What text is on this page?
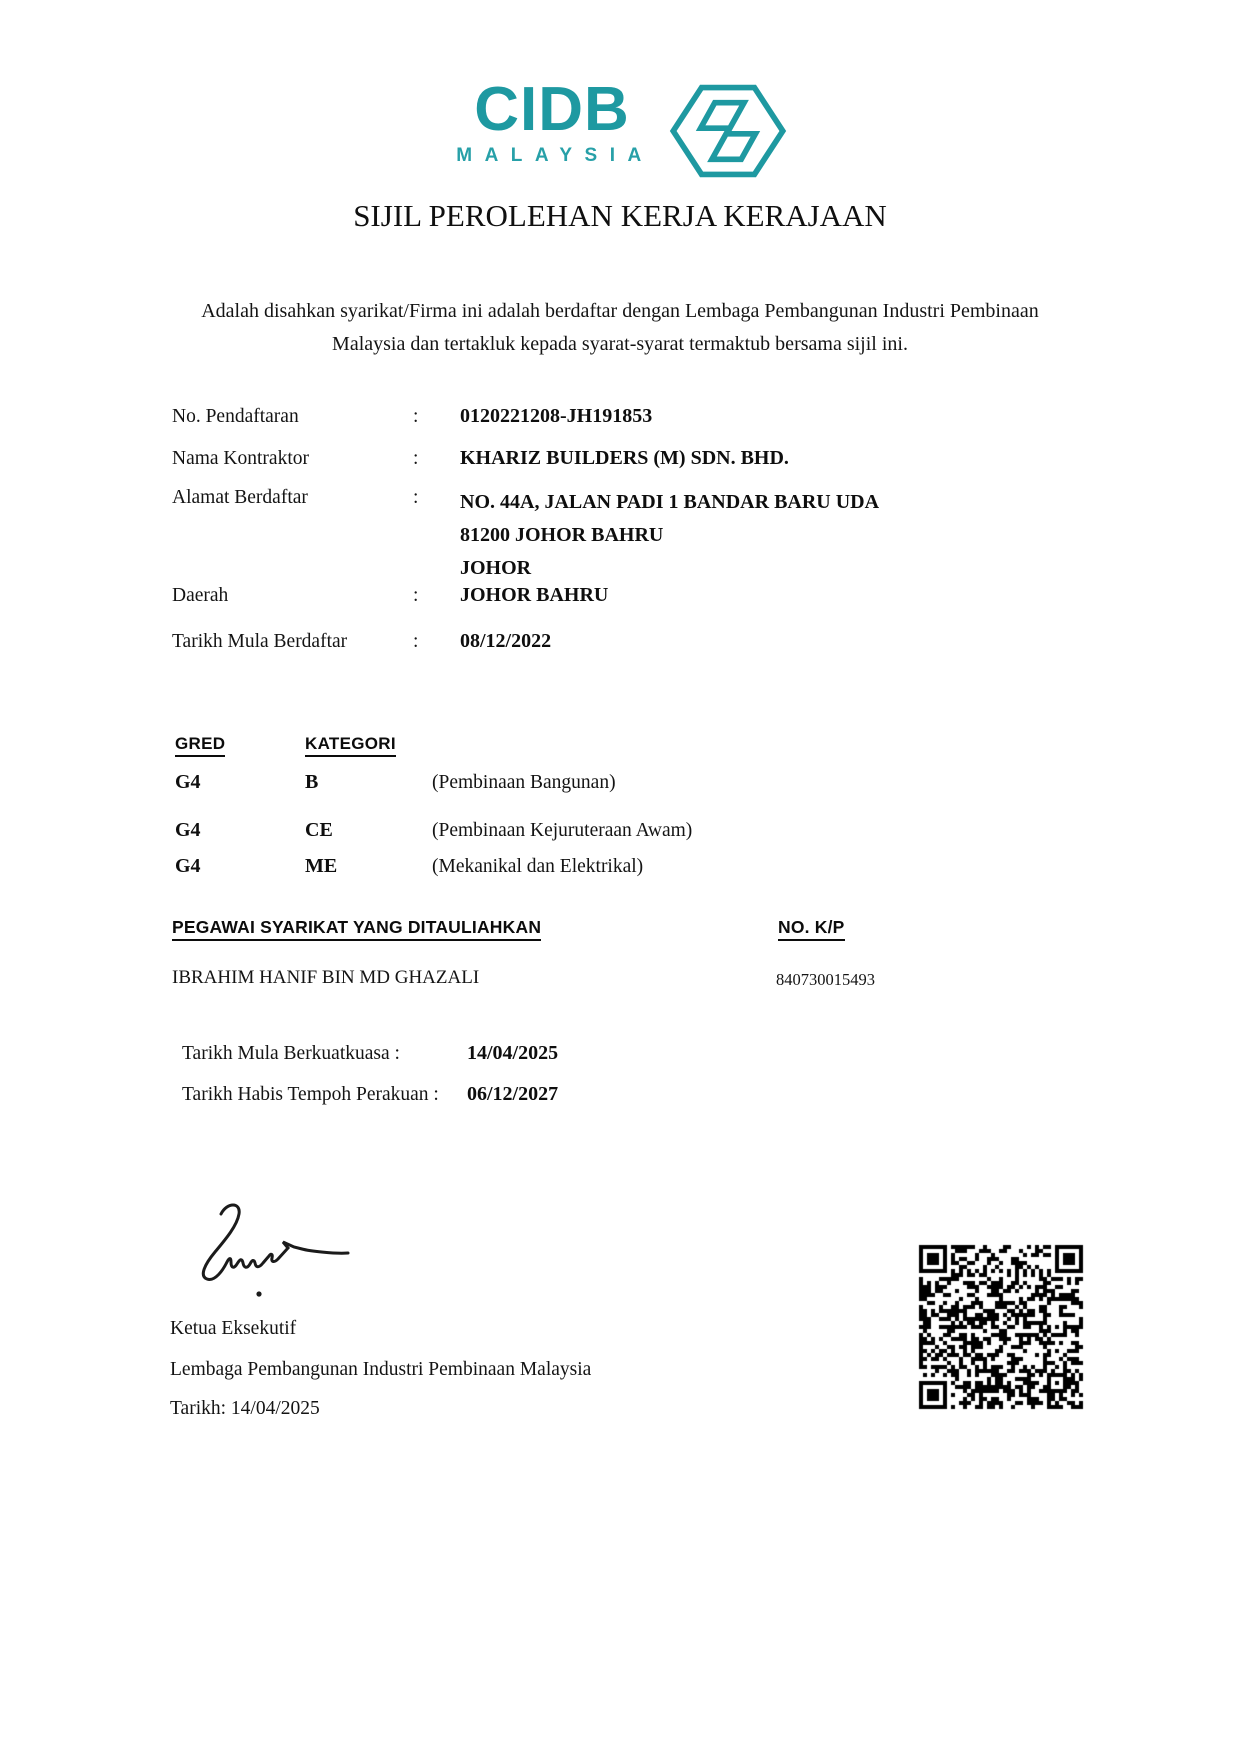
CIDB
MALAYSIA
SIJIL PEROLEHAN KERJA KERAJAAN
Adalah disahkan syarikat/Firma ini adalah berdaftar dengan Lembaga Pembangunan Industri Pembinaan
Malaysia dan tertakluk kepada syarat-syarat termaktub bersama sijil ini.
No. Pendaftaran	: 0120221208-JH191853
Nama Kontraktor	: KHARIZ BUILDERS (M) SDN. BHD.
Alamat Berdaftar	: NO. 44A, JALAN PADI 1 BANDAR BARU UDA
81200 JOHOR BAHRU
JOHOR
Daerah	: JOHOR BAHRU
Tarikh Mula Berdaftar	: 08/12/2022
GRED	KATEGORI
G4	B	(Pembinaan Bangunan)
G4	CE	(Pembinaan Kejuruteraan Awam)
G4	ME	(Mekanikal dan Elektrikal)
PEGAWAI SYARIKAT YANG DITAULIAHKAN	NO. K/P
IBRAHIM HANIF BIN MD GHAZALI	840730015493
Tarikh Mula Berkuatkuasa :	14/04/2025
Tarikh Habis Tempoh Perakuan : 06/12/2027
Ketua Eksekutif
Lembaga Pembangunan Industri Pembinaan Malaysia
Tarikh: 14/04/2025
